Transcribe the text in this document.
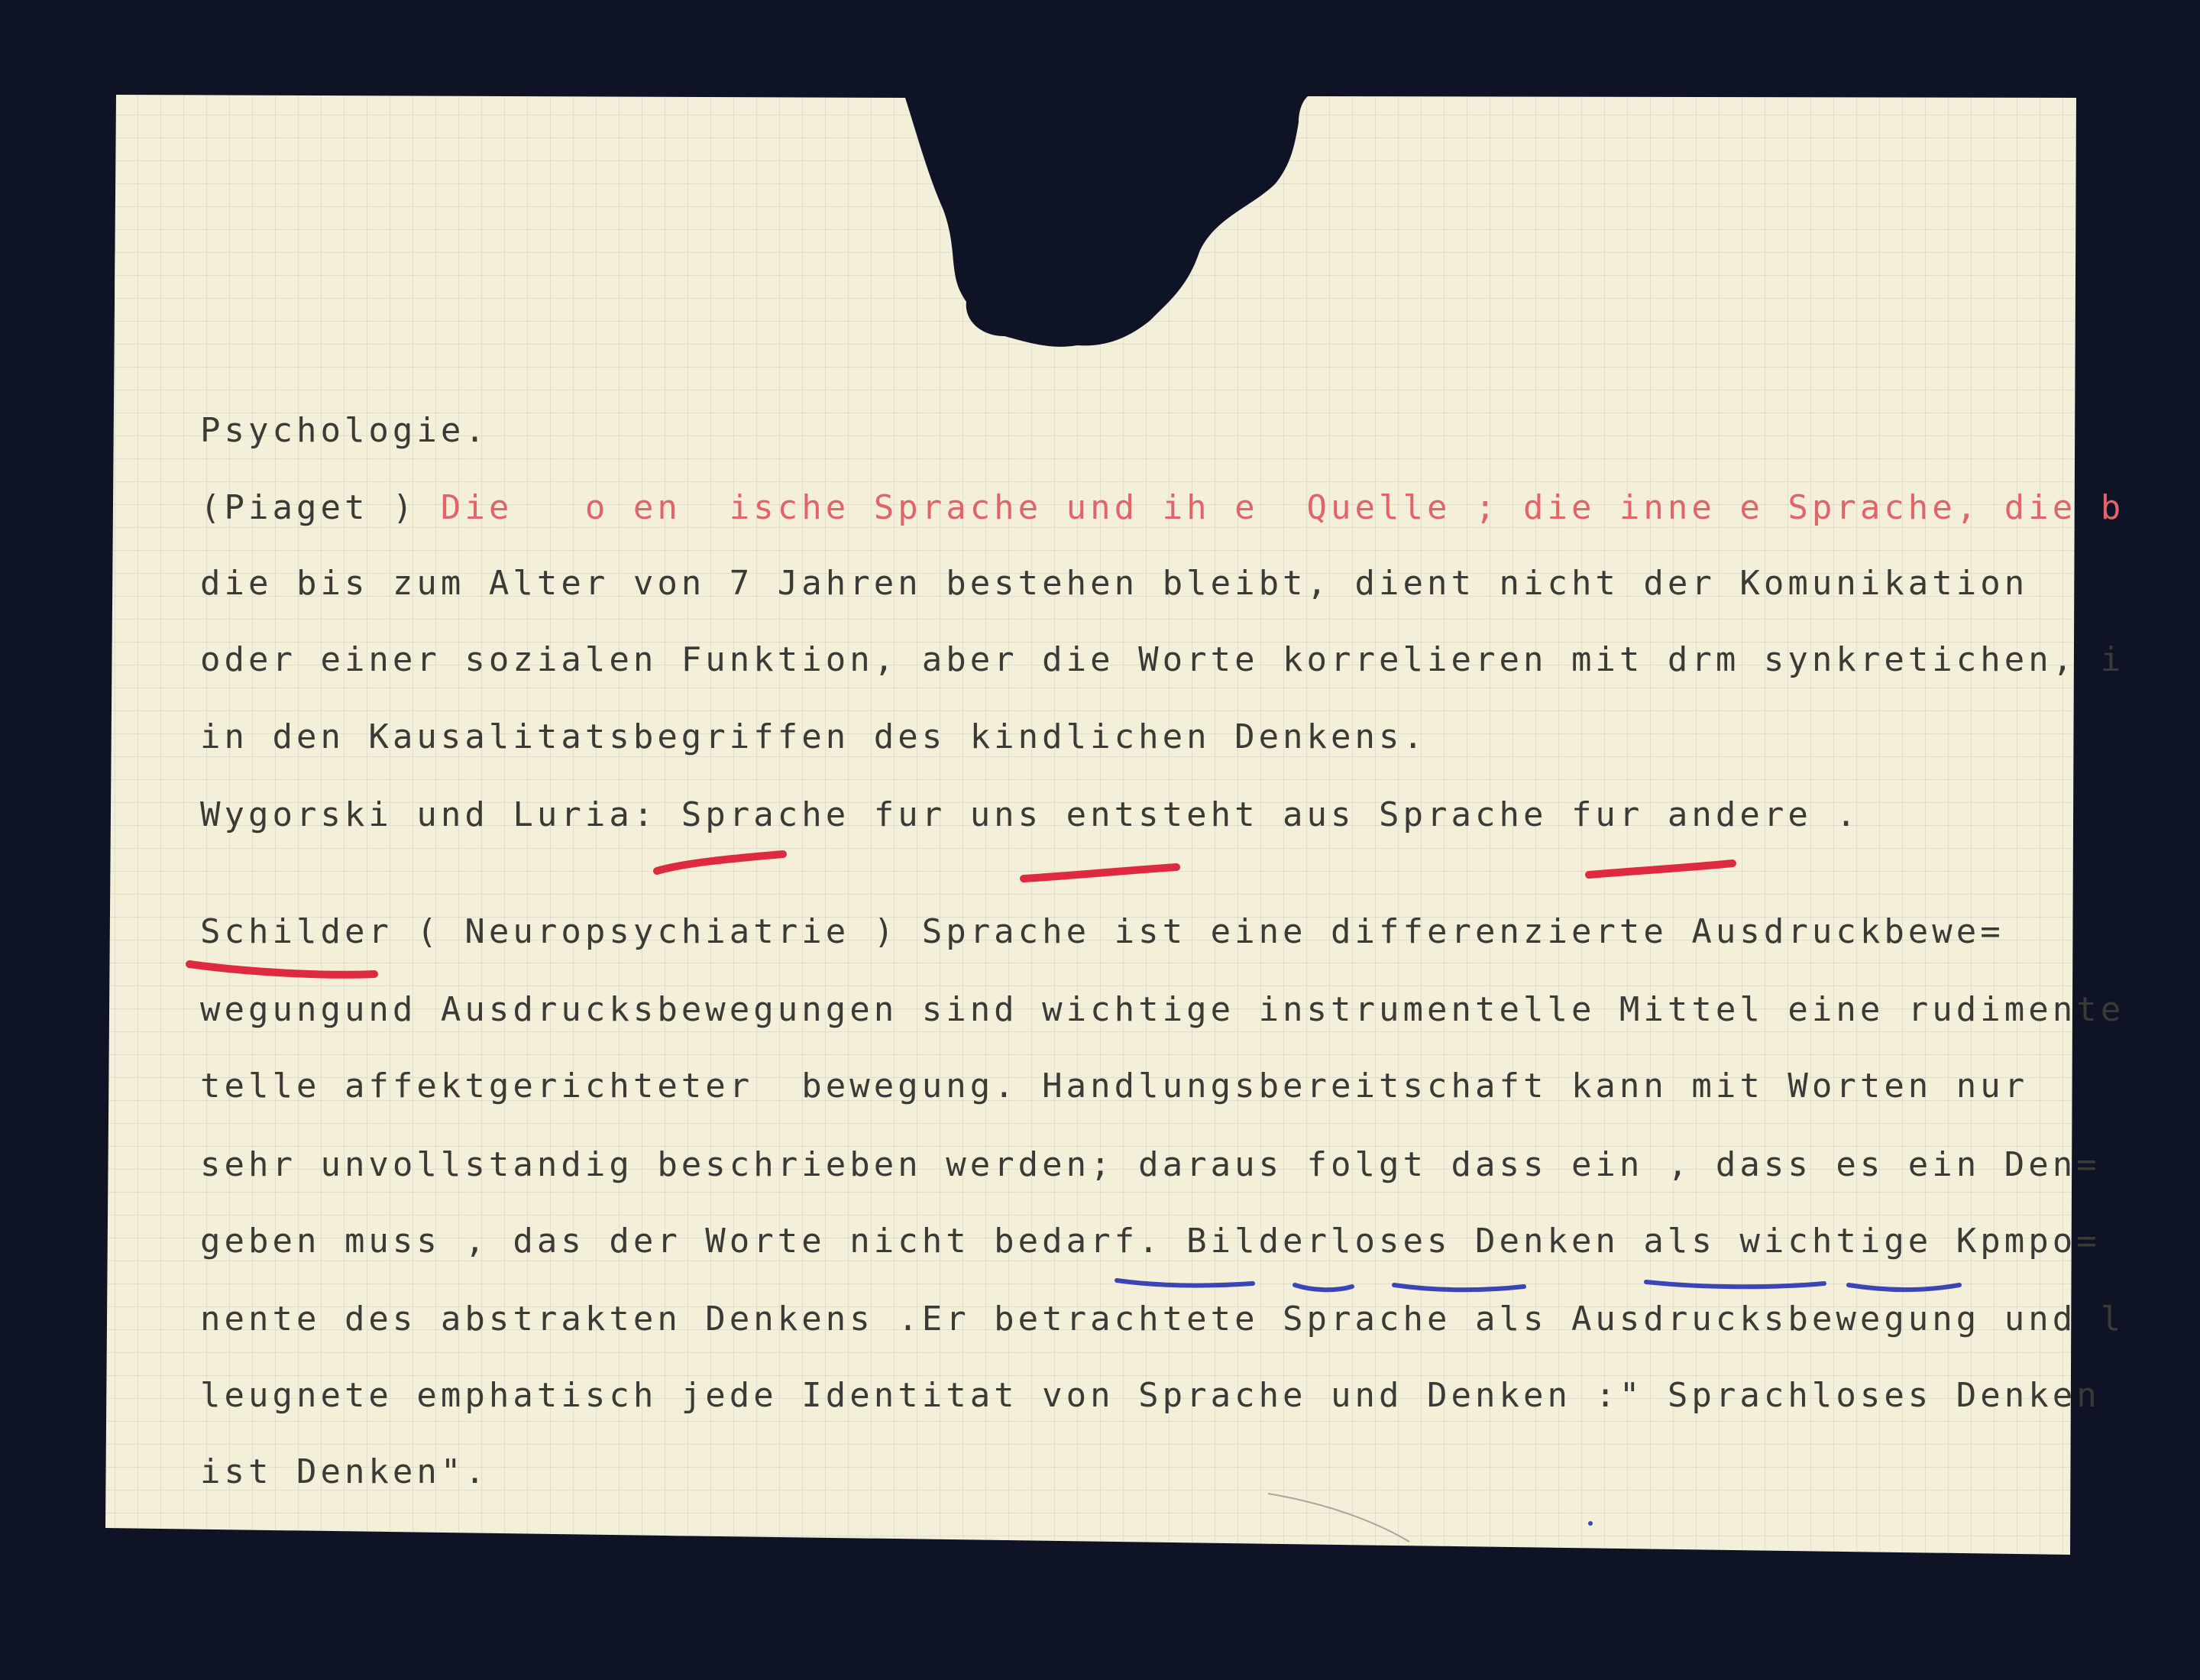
Psychologie.
(Piaget ) Die   o en  ische Sprache und ih e  Quelle ; die inne e Sprache, die b
die bis zum Alter von 7 Jahren bestehen bleibt, dient nicht der Komunikation
oder einer sozialen Funktion, aber die Worte korrelieren mit drm synkretichen, i
in den Kausalitatsbegriffen des kindlichen Denkens.
Wygorski und Luria: Sprache fur uns entsteht aus Sprache fur andere .
Schilder ( Neuropsychiatrie ) Sprache ist eine differenzierte Ausdruckbewe=
wegungund Ausdrucksbewegungen sind wichtige instrumentelle Mittel eine rudimente
telle affektgerichteter  bewegung. Handlungsbereitschaft kann mit Worten nur
sehr unvollstandig beschrieben werden; daraus folgt dass ein , dass es ein Den=
geben muss , das der Worte nicht bedarf. Bilderloses Denken als wichtige Kpmpo=
nente des abstrakten Denkens .Er betrachtete Sprache als Ausdrucksbewegung und l
leugnete emphatisch jede Identitat von Sprache und Denken :" Sprachloses Denken
ist Denken".
